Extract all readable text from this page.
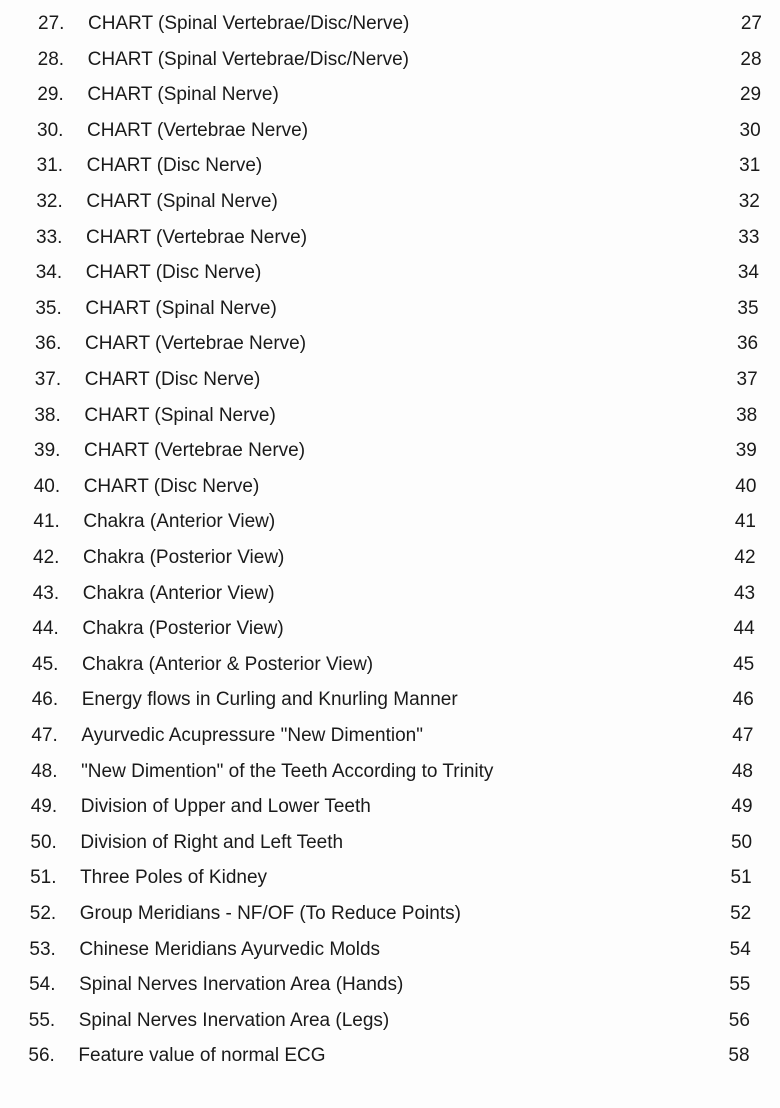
27.	CHART (Spinal Vertebrae/Disc/Nerve)	27
28.	CHART (Spinal Vertebrae/Disc/Nerve)	28
29.	CHART (Spinal Nerve)	29
30.	CHART (Vertebrae Nerve)	30
31.	CHART (Disc Nerve)	31
32.	CHART (Spinal Nerve)	32
33.	CHART (Vertebrae Nerve)	33
34.	CHART (Disc Nerve)	34
35.	CHART (Spinal Nerve)	35
36.	CHART (Vertebrae Nerve)	36
37.	CHART (Disc Nerve)	37
38.	CHART (Spinal Nerve)	38
39.	CHART (Vertebrae Nerve)	39
40.	CHART (Disc Nerve)	40
41.	Chakra (Anterior View)	41
42.	Chakra (Posterior View)	42
43.	Chakra (Anterior View)	43
44.	Chakra (Posterior View)	44
45.	Chakra (Anterior & Posterior View)	45
46.	Energy flows in Curling and Knurling Manner	46
47.	Ayurvedic Acupressure "New Dimention"	47
48.	"New Dimention" of the Teeth According to Trinity	48
49.	Division of Upper and Lower Teeth	49
50.	Division of Right and Left Teeth	50
51.	Three Poles of Kidney	51
52.	Group Meridians - NF/OF (To Reduce Points)	52
53.	Chinese Meridians Ayurvedic Molds	54
54.	Spinal Nerves Inervation Area (Hands)	55
55.	Spinal Nerves Inervation Area (Legs)	56
56.	Feature value of normal ECG	58
